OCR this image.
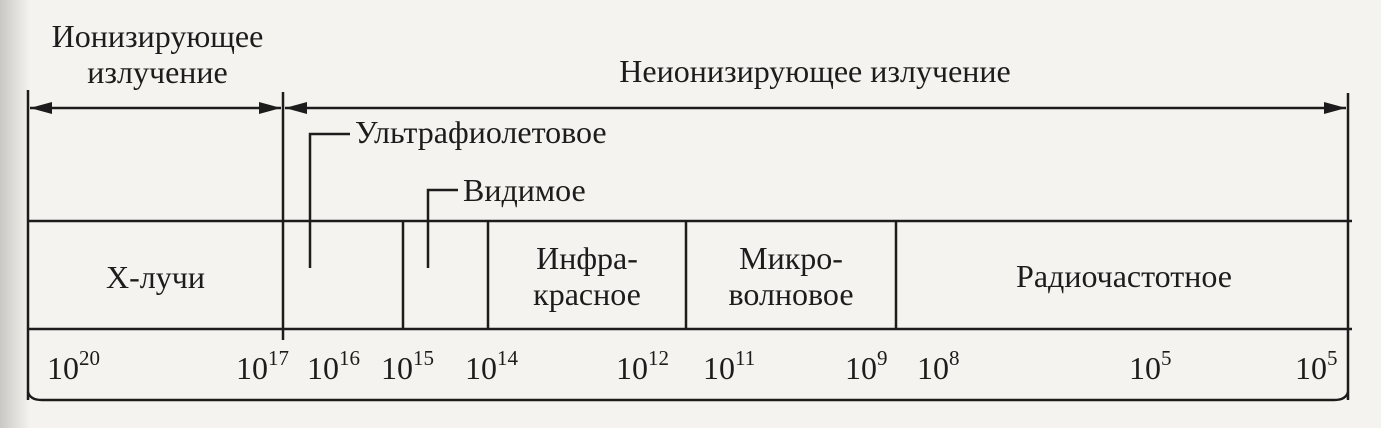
Ионизирующее
излучение	Неионизирующее излучение
Ультрафиолетовое
Видимое
X-лучи
Инфра-
красное
Микро-
волновое	Радиочастотное
$10^{20}$	$10^{17}$ $10^{16}$ $10^{15}$ $10^{14}$	$10^{12}$ $10^{11}$	$10^9$ $10^8$	$10^5$	$10^5$
